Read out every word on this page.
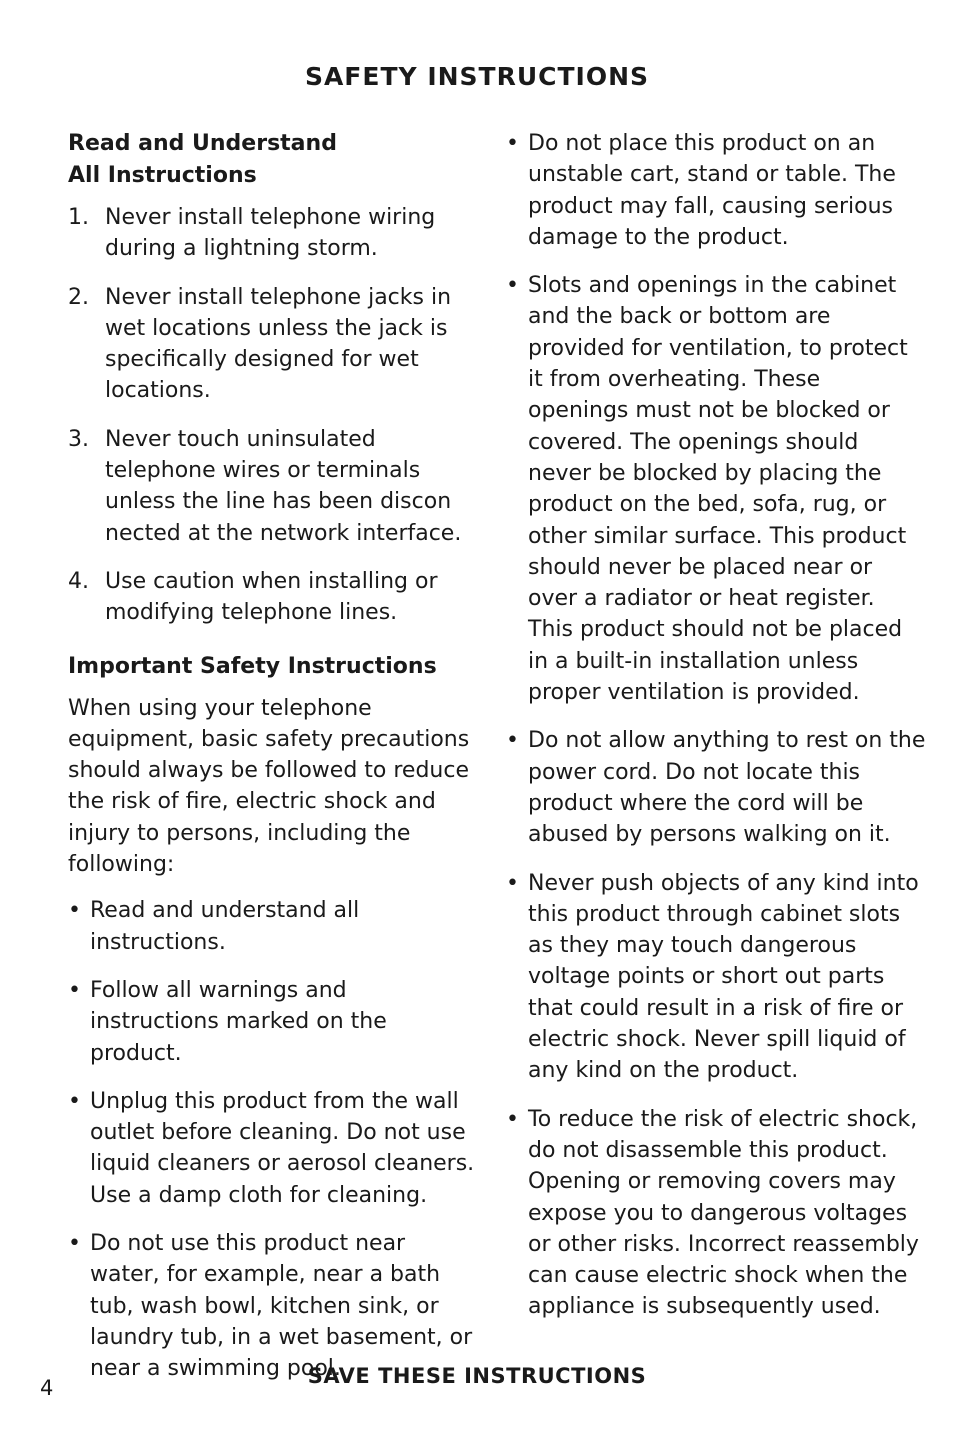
SAFETY INSTRUCTIONS
Read and Understand
All Instructions
1. Never install telephone wiring during a lightning storm.
2. Never install telephone jacks in wet locations unless the jack is specifically designed for wet locations.
3. Never touch uninsulated telephone wires or terminals unless the line has been discon nected at the network interface.
4. Use caution when installing or modifying telephone lines.
Important Safety Instructions

When using your telephone equipment, basic safety precautions should always be followed to reduce the risk of fire, electric shock and injury to persons, including the following:

• Read and understand all instructions.
• Follow all warnings and instructions marked on the product.
• Unplug this product from the wall outlet before cleaning. Do not use liquid cleaners or aerosol cleaners. Use a damp cloth for cleaning.
• Do not use this product near water, for example, near a bath tub, wash bowl, kitchen sink, or laundry tub, in a wet basement, or near a swimming pool.
• Do not place this product on an unstable cart, stand or table. The product may fall, causing serious damage to the product.
• Slots and openings in the cabinet and the back or bottom are provided for ventilation, to protect it from overheating. These openings must not be blocked or covered. The openings should never be blocked by placing the product on the bed, sofa, rug, or other similar surface. This product should never be placed near or over a radiator or heat register. This product should not be placed in a built-in installation unless proper ventilation is provided.
• Do not allow anything to rest on the power cord. Do not locate this product where the cord will be abused by persons walking on it.
• Never push objects of any kind into this product through cabinet slots as they may touch dangerous voltage points or short out parts that could result in a risk of fire or electric shock. Never spill liquid of any kind on the product.
• To reduce the risk of electric shock, do not disassemble this product. Opening or removing covers may expose you to dangerous voltages or other risks. Incorrect reassembly can cause electric shock when the appliance is subsequently used.
4	SAVE THESE INSTRUCTIONS
